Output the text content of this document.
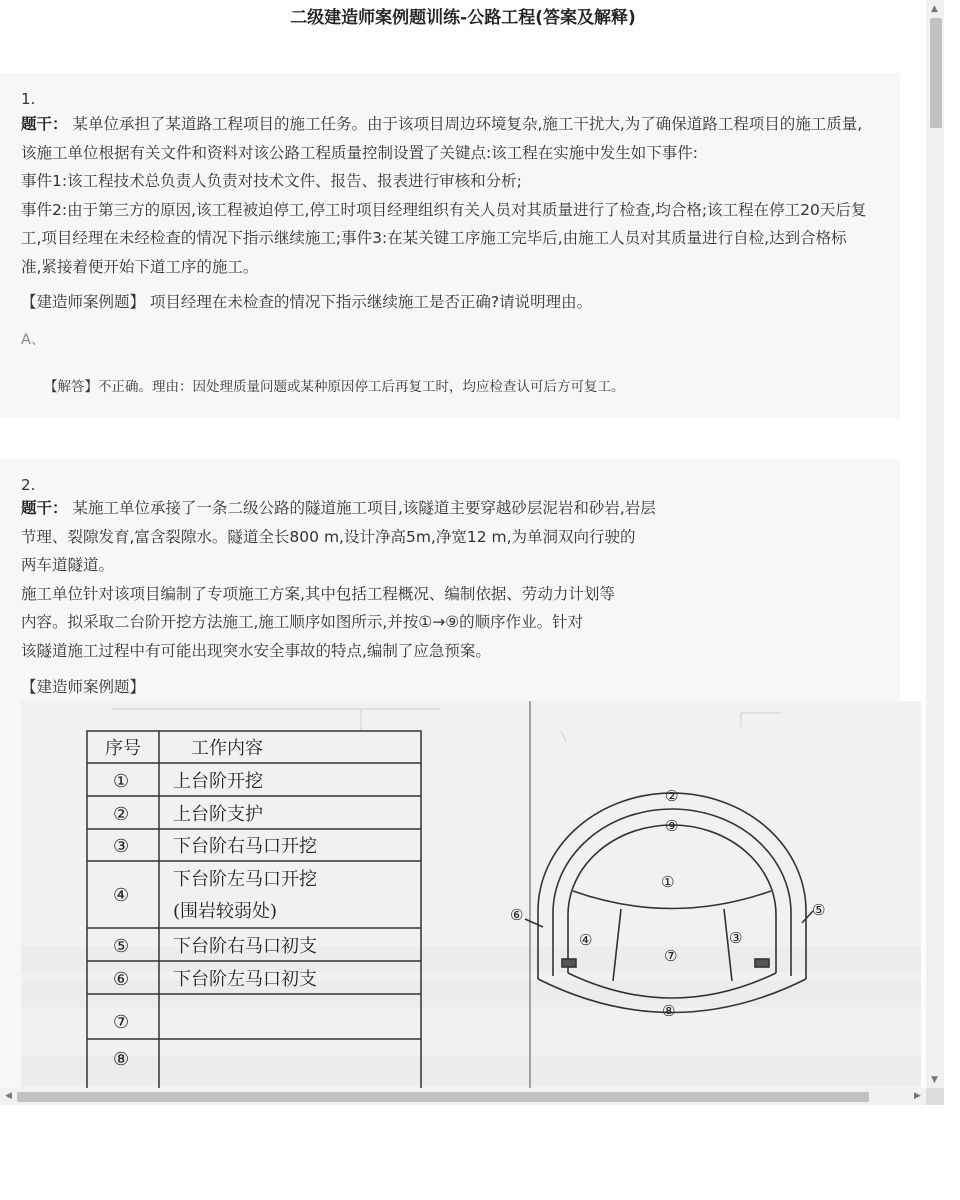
二级建造师案例题训练-公路工程(答案及解释)
1.
题干： 某单位承担了某道路工程项目的施工任务。由于该项目周边环境复杂,施工干扰大,为了确保道路工程项目的施工质量,
该施工单位根据有关文件和资料对该公路工程质量控制设置了关键点:该工程在实施中发生如下事件:
事件1:该工程技术总负责人负责对技术文件、报告、报表进行审核和分析;
事件2:由于第三方的原因,该工程被迫停工,停工时项目经理组织有关人员对其质量进行了检查,均合格;该工程在停工20天后复
工,项目经理在未经检查的情况下指示继续施工;事件3:在某关键工序施工完毕后,由施工人员对其质量进行自检,达到合格标
准,紧接着便开始下道工序的施工。
【建造师案例题】 项目经理在未检查的情况下指示继续施工是否正确?请说明理由。
A、
【解答】不正确。理由：因处理质量问题或某种原因停工后再复工时，均应检查认可后方可复工。
2.
题干： 某施工单位承接了一条二级公路的隧道施工项目,该隧道主要穿越砂层泥岩和砂岩,岩层
节理、裂隙发育,富含裂隙水。隧道全长800 m,设计净高5m,净宽12 m,为单洞双向行驶的
两车道隧道。
施工单位针对该项目编制了专项施工方案,其中包括工程概况、编制依据、劳动力计划等
内容。拟采取二台阶开挖方法施工,施工顺序如图所示,并按①→⑨的顺序作业。针对
该隧道施工过程中有可能出现突水安全事故的特点,编制了应急预案。
【建造师案例题】
序号	工作内容
① 上台阶开挖
② 上台阶支护
③ 下台阶右马口开挖
④
下台阶左马口开挖
(围岩较弱处)
⑤ 下台阶右马口初支
⑥ 下台阶左马口初支
⑦
⑧
②
⑨
①
④
⑦
③
⑥	⑤
⑧
▲
▼
◀	▶
